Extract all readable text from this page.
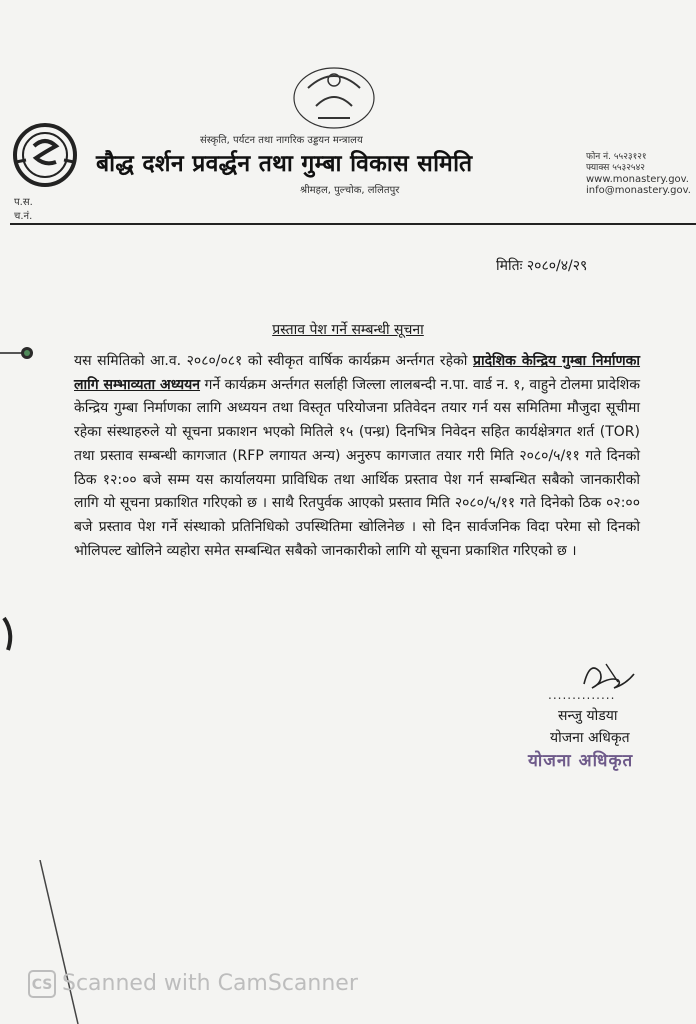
संस्कृति, पर्यटन तथा नागरिक उड्डयन मन्त्रालय
बौद्ध दर्शन प्रवर्द्धन तथा गुम्बा विकास समिति
श्रीमहल, पुल्चोक, ललितपुर
फोन नं. ५५२३१२१
फ्याक्स ५५३२५४२
www.monastery.gov.
info@monastery.gov.
प.स.
च.नं.
मितिः २०८०/४/२९
प्रस्ताव पेश गर्ने सम्बन्धी सूचना
यस समितिको आ.व. २०८०/०८१ को स्वीकृत वार्षिक कार्यक्रम अर्न्तगत रहेको प्रादेशिक केन्द्रिय गुम्बा निर्माणका लागि सम्भाव्यता अध्ययन गर्ने कार्यक्रम अर्न्तगत सर्लाही जिल्ला लालबन्दी न.पा. वार्ड न. १, वाहुने टोलमा प्रादेशिक केन्द्रिय गुम्बा निर्माणका लागि अध्ययन तथा विस्तृत परियोजना प्रतिवेदन तयार गर्न यस समितिमा मौजुदा सूचीमा रहेका संस्थाहरुले यो सूचना प्रकाशन भएको मितिले १५ (पन्ध्र) दिनभित्र निवेदन सहित कार्यक्षेत्रगत शर्त (TOR) तथा प्रस्ताव सम्बन्धी कागजात (RFP लगायत अन्य) अनुरुप कागजात तयार गरी मिति २०८०/५/११ गते दिनको ठिक १२:०० बजे सम्म यस कार्यालयमा प्राविधिक तथा आर्थिक प्रस्ताव पेश गर्न सम्बन्धित सबैको जानकारीको लागि यो सूचना प्रकाशित गरिएको छ । साथै रितपुर्वक आएको प्रस्ताव मिति २०८०/५/११ गते दिनेको ठिक ०२:०० बजे प्रस्ताव पेश गर्ने संस्थाको प्रतिनिधिको उपस्थितिमा खोलिनेछ । सो दिन सार्वजनिक विदा परेमा सो दिनको भोलिपल्ट खोलिने व्यहोरा समेत सम्बन्धित सबैको जानकारीको लागि यो सूचना प्रकाशित गरिएको छ ।
..............
सन्जु योडया
योजना अधिकृत
योजना अधिकृत
CS Scanned with CamScanner
